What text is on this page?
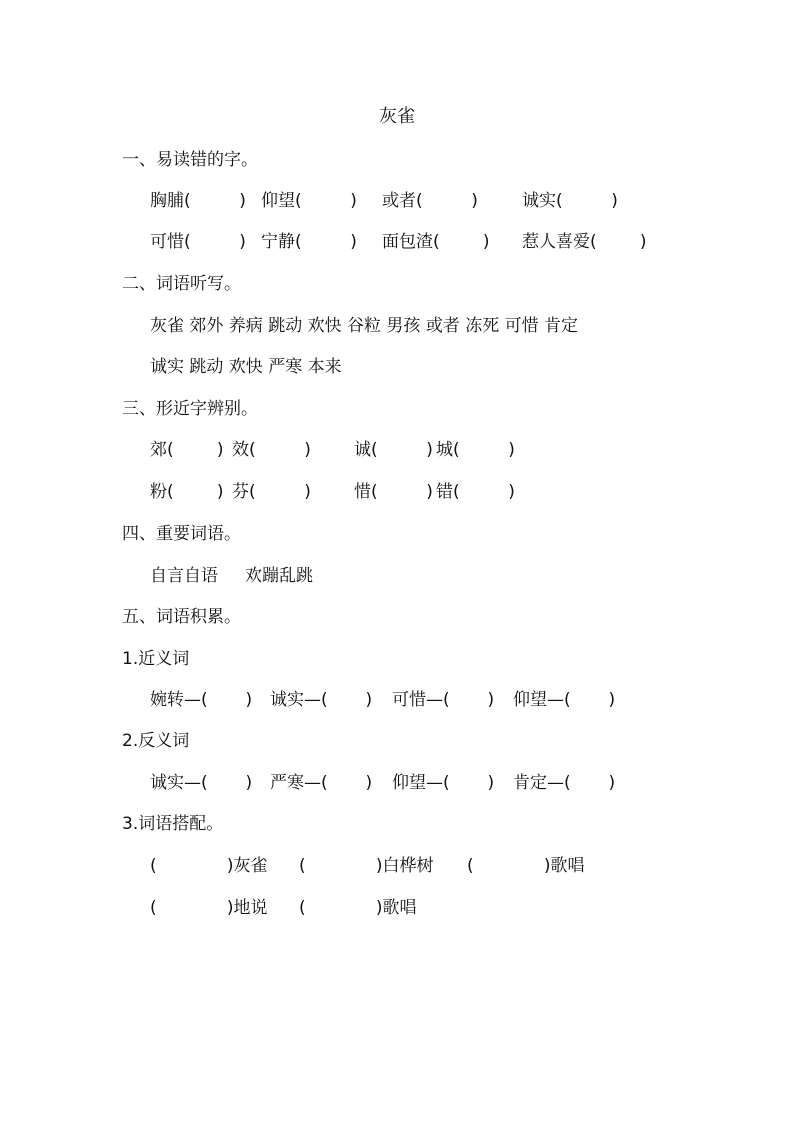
灰雀
一、易读错的字。
胸脯(         ) 仰望(         ) 或者(         )	诚实(         )
可惜(         ) 宁静(         ) 面包渣(        ) 惹人喜爱(        )
二、词语听写。
灰雀 郊外 养病 跳动 欢快 谷粒 男孩 或者 冻死 可惜 肯定
诚实 跳动 欢快 严寒 本来
三、形近字辨别。
郊(        ) 效(         )	诚(         ) 城(         )
粉(        ) 芬(         )	惜(         ) 错(         )
四、重要词语。
自言自语     欢蹦乱跳
五、词语积累。
1.近义词
婉转—(       ) 诚实—(       ) 可惜—(       ) 仰望—(       )
2.反义词
诚实—(       ) 严寒—(       ) 仰望—(       ) 肯定—(       )
3.词语搭配。
(             )灰雀 (             )白桦树 (             )歌唱
(             )地说 (             )歌唱
